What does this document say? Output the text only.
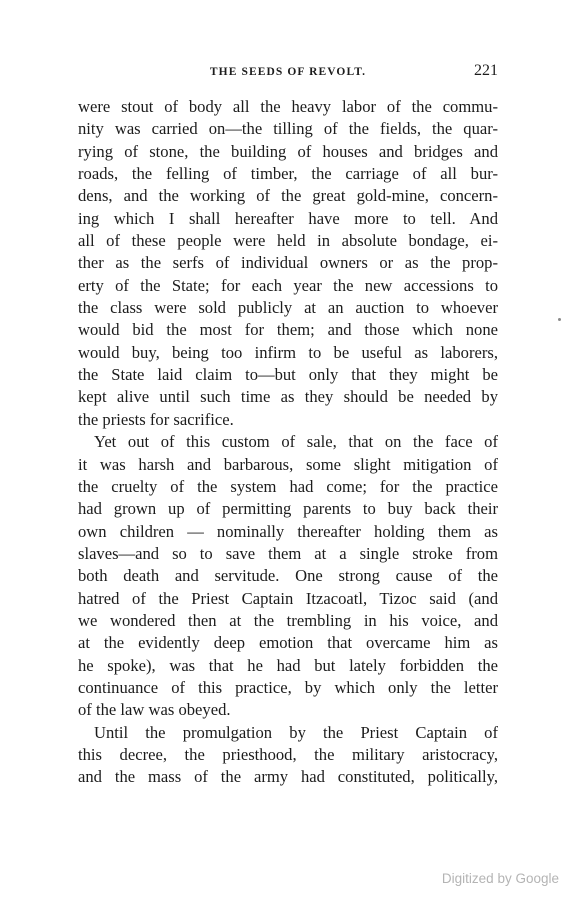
THE SEEDS OF REVOLT.	221
were stout of body all the heavy labor of the commu-
nity was carried on—the tilling of the fields, the quar-
rying of stone, the building of houses and bridges and
roads, the felling of timber, the carriage of all bur-
dens, and the working of the great gold-mine, concern-
ing which I shall hereafter have more to tell. And
all of these people were held in absolute bondage, ei-
ther as the serfs of individual owners or as the prop-
erty of the State; for each year the new accessions to
the class were sold publicly at an auction to whoever
would bid the most for them; and those which none
would buy, being too infirm to be useful as laborers,
the State laid claim to—but only that they might be
kept alive until such time as they should be needed by
the priests for sacrifice.
Yet out of this custom of sale, that on the face of
it was harsh and barbarous, some slight mitigation of
the cruelty of the system had come; for the practice
had grown up of permitting parents to buy back their
own children — nominally thereafter holding them as
slaves—and so to save them at a single stroke from
both death and servitude. One strong cause of the
hatred of the Priest Captain Itzacoatl, Tizoc said (and
we wondered then at the trembling in his voice, and
at the evidently deep emotion that overcame him as
he spoke), was that he had but lately forbidden the
continuance of this practice, by which only the letter
of the law was obeyed.
Until the promulgation by the Priest Captain of
this decree, the priesthood, the military aristocracy,
and the mass of the army had constituted, politically,
Digitized by Google
